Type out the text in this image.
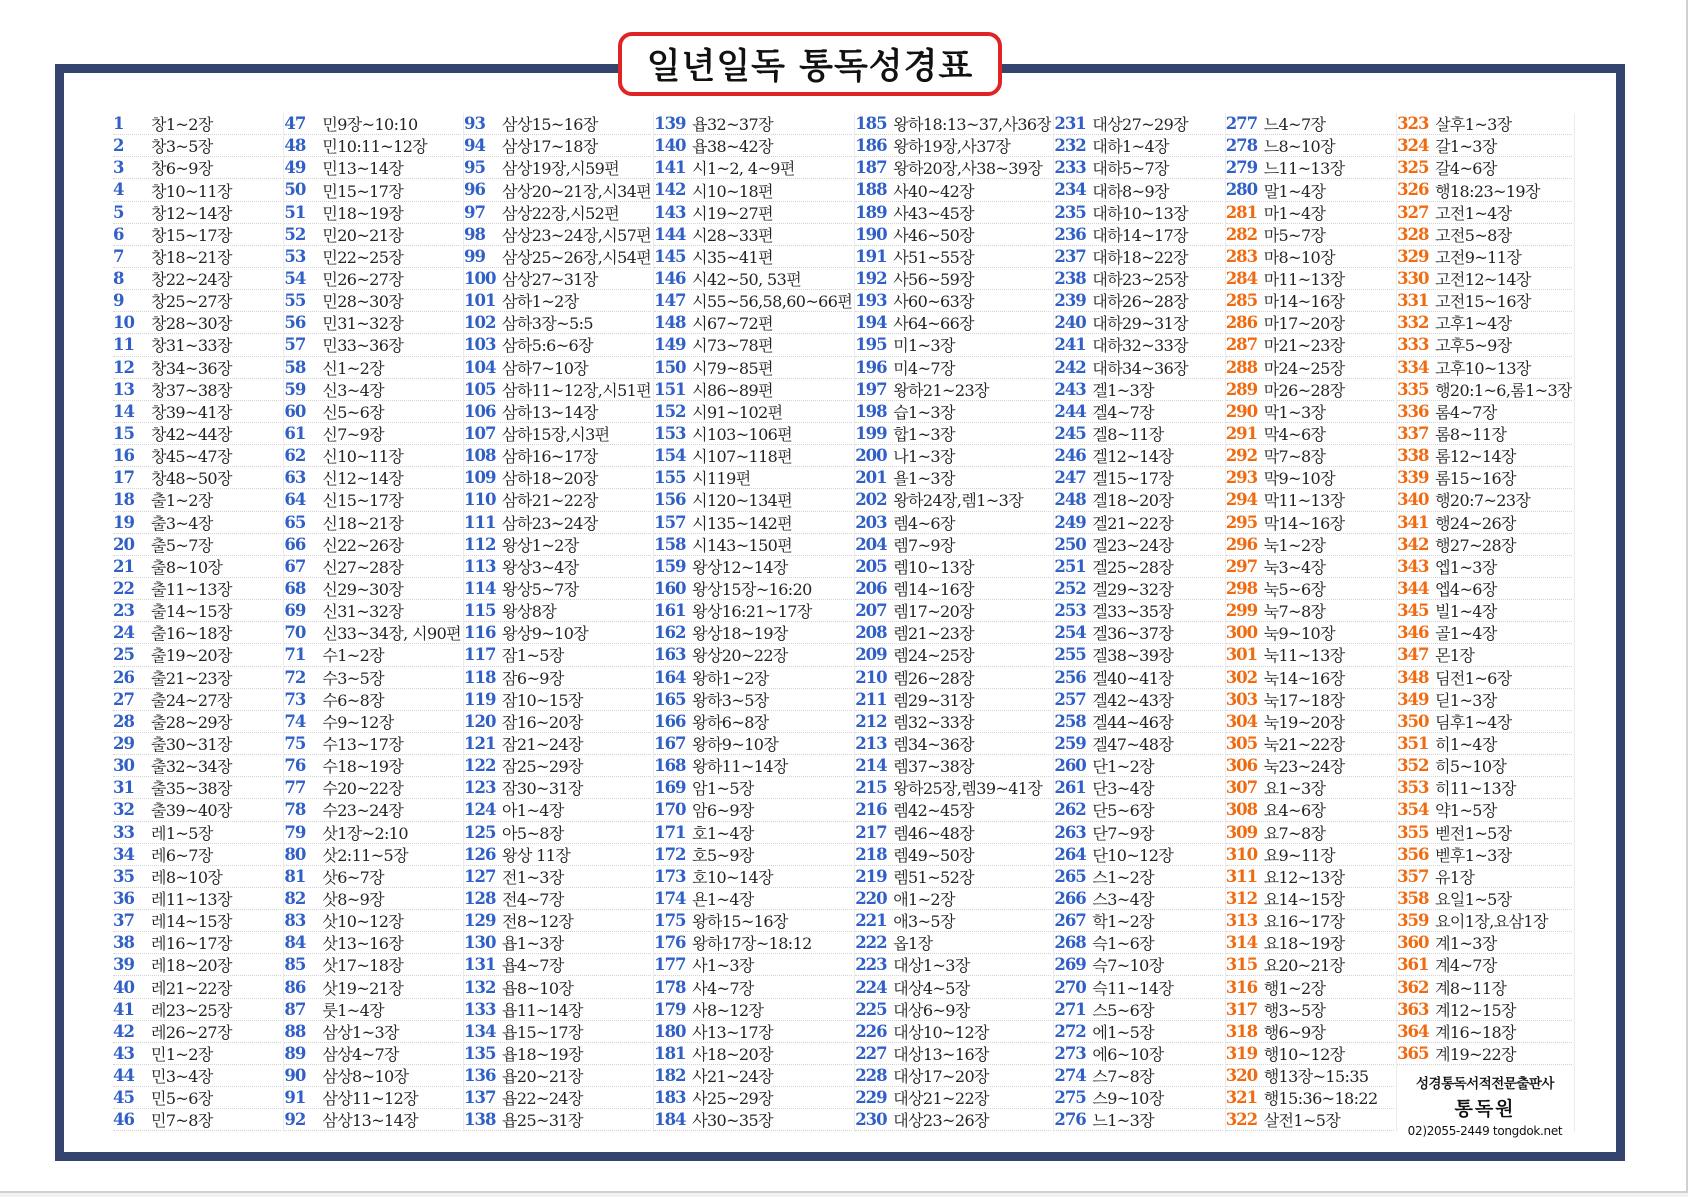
일년일독 통독성경표
1	창1~2장
2	창3~5장
3	창6~9장
4	창10~11장
5	창12~14장
6	창15~17장
7	창18~21장
8	창22~24장
9	창25~27장
10	창28~30장
11	창31~33장
12	창34~36장
13	창37~38장
14	창39~41장
15	창42~44장
16	창45~47장
17	창48~50장
18	출1~2장
19	출3~4장
20	출5~7장
21	출8~10장
22	출11~13장
23	출14~15장
24	출16~18장
25	출19~20장
26	출21~23장
27	출24~27장
28	출28~29장
29	출30~31장
30	출32~34장
31	출35~38장
32	출39~40장
33	레1~5장
34	레6~7장
35	레8~10장
36	레11~13장
37	레14~15장
38	레16~17장
39	레18~20장
40	레21~22장
41	레23~25장
42	레26~27장
43	민1~2장
44	민3~4장
45	민5~6장
46	민7~8장
47	민9장~10:10
48	민10:11~12장
49	민13~14장
50	민15~17장
51	민18~19장
52	민20~21장
53	민22~25장
54	민26~27장
55	민28~30장
56	민31~32장
57	민33~36장
58	신1~2장
59	신3~4장
60	신5~6장
61	신7~9장
62	신10~11장
63	신12~14장
64	신15~17장
65	신18~21장
66	신22~26장
67	신27~28장
68	신29~30장
69	신31~32장
70	신33~34장, 시90편
71	수1~2장
72	수3~5장
73	수6~8장
74	수9~12장
75	수13~17장
76	수18~19장
77	수20~22장
78	수23~24장
79	삿1장~2:10
80	삿2:11~5장
81	삿6~7장
82	삿8~9장
83	삿10~12장
84	삿13~16장
85	삿17~18장
86	삿19~21장
87	룻1~4장
88	삼상1~3장
89	삼상4~7장
90	삼상8~10장
91	삼상11~12장
92	삼상13~14장
93	삼상15~16장
94	삼상17~18장
95	삼상19장,시59편
96	삼상20~21장,시34편
97	삼상22장,시52편
98	삼상23~24장,시57편
99	삼상25~26장,시54편
100 삼상27~31장
101 삼하1~2장
102 삼하3장~5:5
103 삼하5:6~6장
104 삼하7~10장
105 삼하11~12장,시51편
106 삼하13~14장
107 삼하15장,시3편
108 삼하16~17장
109 삼하18~20장
110 삼하21~22장
111 삼하23~24장
112 왕상1~2장
113 왕상3~4장
114 왕상5~7장
115 왕상8장
116 왕상9~10장
117 잠1~5장
118 잠6~9장
119 잠10~15장
120 잠16~20장
121 잠21~24장
122 잠25~29장
123 잠30~31장
124 아1~4장
125 아5~8장
126 왕상 11장
127 전1~3장
128 전4~7장
129 전8~12장
130 욥1~3장
131 욥4~7장
132 욥8~10장
133 욥11~14장
134 욥15~17장
135 욥18~19장
136 욥20~21장
137 욥22~24장
138 욥25~31장
139 욥32~37장
140 욥38~42장
141 시1~2, 4~9편
142 시10~18편
143 시19~27편
144 시28~33편
145 시35~41편
146 시42~50, 53편
147 시55~56,58,60~66편
148 시67~72편
149 시73~78편
150 시79~85편
151 시86~89편
152 시91~102편
153 시103~106편
154 시107~118편
155 시119편
156 시120~134편
157 시135~142편
158 시143~150편
159 왕상12~14장
160 왕상15장~16:20
161 왕상16:21~17장
162 왕상18~19장
163 왕상20~22장
164 왕하1~2장
165 왕하3~5장
166 왕하6~8장
167 왕하9~10장
168 왕하11~14장
169 암1~5장
170 암6~9장
171 호1~4장
172 호5~9장
173 호10~14장
174 욘1~4장
175 왕하15~16장
176 왕하17장~18:12
177 사1~3장
178 사4~7장
179 사8~12장
180 사13~17장
181 사18~20장
182 사21~24장
183 사25~29장
184 사30~35장
185 왕하18:13~37,사36장
186 왕하19장,사37장
187 왕하20장,사38~39장
188 사40~42장
189 사43~45장
190 사46~50장
191 사51~55장
192 사56~59장
193 사60~63장
194 사64~66장
195 미1~3장
196 미4~7장
197 왕하21~23장
198 습1~3장
199 합1~3장
200 나1~3장
201 욜1~3장
202 왕하24장,렘1~3장
203 렘4~6장
204 렘7~9장
205 렘10~13장
206 렘14~16장
207 렘17~20장
208 렘21~23장
209 렘24~25장
210 렘26~28장
211 렘29~31장
212 렘32~33장
213 렘34~36장
214 렘37~38장
215 왕하25장,렘39~41장
216 렘42~45장
217 렘46~48장
218 렘49~50장
219 렘51~52장
220 애1~2장
221 애3~5장
222 옵1장
223 대상1~3장
224 대상4~5장
225 대상6~9장
226 대상10~12장
227 대상13~16장
228 대상17~20장
229 대상21~22장
230 대상23~26장
231 대상27~29장
232 대하1~4장
233 대하5~7장
234 대하8~9장
235 대하10~13장
236 대하14~17장
237 대하18~22장
238 대하23~25장
239 대하26~28장
240 대하29~31장
241 대하32~33장
242 대하34~36장
243 겔1~3장
244 겔4~7장
245 겔8~11장
246 겔12~14장
247 겔15~17장
248 겔18~20장
249 겔21~22장
250 겔23~24장
251 겔25~28장
252 겔29~32장
253 겔33~35장
254 겔36~37장
255 겔38~39장
256 겔40~41장
257 겔42~43장
258 겔44~46장
259 겔47~48장
260 단1~2장
261 단3~4장
262 단5~6장
263 단7~9장
264 단10~12장
265 스1~2장
266 스3~4장
267 학1~2장
268 슥1~6장
269 슥7~10장
270 슥11~14장
271 스5~6장
272 에1~5장
273 에6~10장
274 스7~8장
275 스9~10장
276 느1~3장
277 느4~7장
278 느8~10장
279 느11~13장
280 말1~4장
281 마1~4장
282 마5~7장
283 마8~10장
284 마11~13장
285 마14~16장
286 마17~20장
287 마21~23장
288 마24~25장
289 마26~28장
290 막1~3장
291 막4~6장
292 막7~8장
293 막9~10장
294 막11~13장
295 막14~16장
296 눅1~2장
297 눅3~4장
298 눅5~6장
299 눅7~8장
300 눅9~10장
301 눅11~13장
302 눅14~16장
303 눅17~18장
304 눅19~20장
305 눅21~22장
306 눅23~24장
307 요1~3장
308 요4~6장
309 요7~8장
310 요9~11장
311 요12~13장
312 요14~15장
313 요16~17장
314 요18~19장
315 요20~21장
316 행1~2장
317 행3~5장
318 행6~9장
319 행10~12장
320 행13장~15:35
321 행15:36~18:22
322 살전1~5장
323 살후1~3장
324 갈1~3장
325 갈4~6장
326 행18:23~19장
327 고전1~4장
328 고전5~8장
329 고전9~11장
330 고전12~14장
331 고전15~16장
332 고후1~4장
333 고후5~9장
334 고후10~13장
335 행20:1~6,롬1~3장
336 롬4~7장
337 롬8~11장
338 롬12~14장
339 롬15~16장
340 행20:7~23장
341 행24~26장
342 행27~28장
343 엡1~3장
344 엡4~6장
345 빌1~4장
346 골1~4장
347 몬1장
348 딤전1~6장
349 딛1~3장
350 딤후1~4장
351 히1~4장
352 히5~10장
353 히11~13장
354 약1~5장
355 벧전1~5장
356 벧후1~3장
357 유1장
358 요일1~5장
359 요이1장,요삼1장
360 계1~3장
361 계4~7장
362 계8~11장
363 계12~15장
364 계16~18장
365 계19~22장
성경통독서적전문출판사
통독원
02)2055-2449 tongdok.net
